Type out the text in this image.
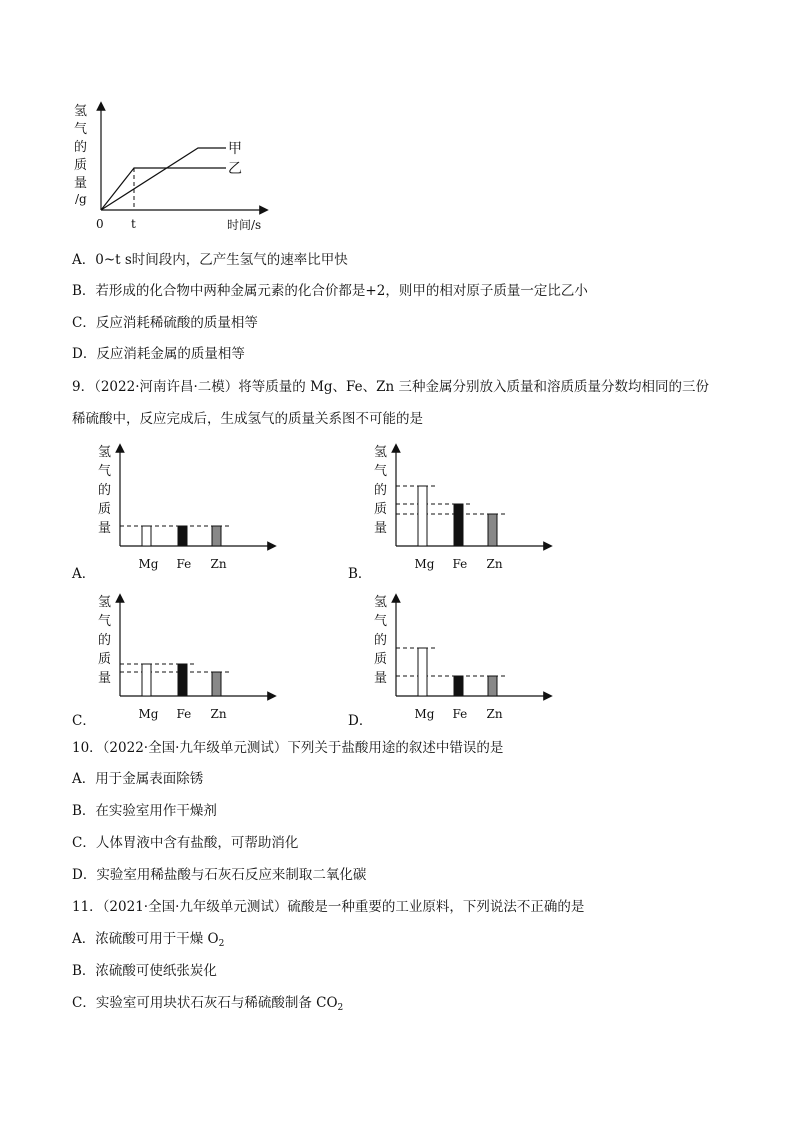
氢
气
的
质
量
/g
0 t	时间/s
甲
乙
A．0~t s时间段内，乙产生氢气的速率比甲快
B．若形成的化合物中两种金属元素的化合价都是+2，则甲的相对原子质量一定比乙小
C．反应消耗稀硫酸的质量相等
D．反应消耗金属的质量相等
9．（2022·河南许昌·二模）将等质量的 Mg、Fe、Zn 三种金属分别放入质量和溶质质量分数均相同的三份
稀硫酸中，反应完成后，生成氢气的质量关系图不可能的是
氢
气
的
质
量
Mg Fe Zn
氢
气
的
质
量
Mg Fe Zn
氢
气
的
质
量
Mg Fe Zn
氢
气
的
质
量
Mg Fe Zn
A．	B．
C．	D．
10．（2022·全国·九年级单元测试）下列关于盐酸用途的叙述中错误的是
A．用于金属表面除锈
B．在实验室用作干燥剂
C．人体胃液中含有盐酸，可帮助消化
D．实验室用稀盐酸与石灰石反应来制取二氧化碳
11．（2021·全国·九年级单元测试）硫酸是一种重要的工业原料，下列说法不正确的是
A．浓硫酸可用于干燥 $O_2$
B．浓硫酸可使纸张炭化
C．实验室可用块状石灰石与稀硫酸制备 $CO_2$
